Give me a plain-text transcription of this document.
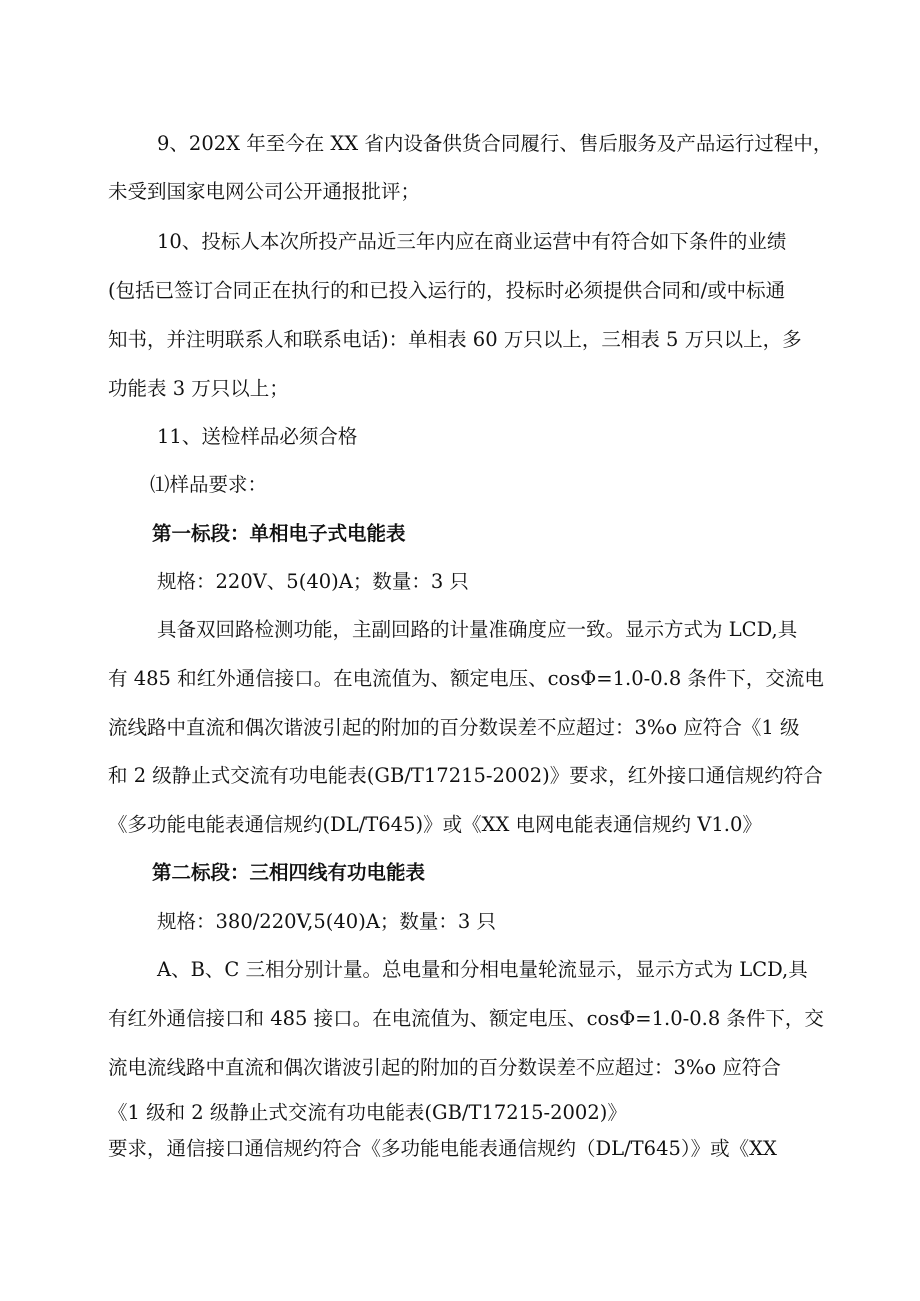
9、202X 年至今在 XX 省内设备供货合同履行、售后服务及产品运行过程中，
未受到国家电网公司公开通报批评；
10、投标人本次所投产品近三年内应在商业运营中有符合如下条件的业绩
(包括已签订合同正在执行的和已投入运行的，投标时必须提供合同和/或中标通
知书，并注明联系人和联系电话)：单相表 60 万只以上，三相表 5 万只以上，多
功能表 3 万只以上；
11、送检样品必须合格
⑴样品要求：
第一标段：单相电子式电能表
规格：220V、5(40)A；数量：3 只
具备双回路检测功能，主副回路的计量准确度应一致。显示方式为 LCD,具
有 485 和红外通信接口。在电流值为、额定电压、cosΦ=1.0-0.8 条件下，交流电
流线路中直流和偶次谐波引起的附加的百分数误差不应超过：3%o 应符合《1 级
和 2 级静止式交流有功电能表(GB/T17215-2002)》要求，红外接口通信规约符合
《多功能电能表通信规约(DL/T645)》或《XX 电网电能表通信规约 V1.0》
第二标段：三相四线有功电能表
规格：380/220V,5(40)A；数量：3 只
A、B、C 三相分别计量。总电量和分相电量轮流显示，显示方式为 LCD,具
有红外通信接口和 485 接口。在电流值为、额定电压、cosΦ=1.0-0.8 条件下，交
流电流线路中直流和偶次谐波引起的附加的百分数误差不应超过：3%o 应符合
《1 级和 2 级静止式交流有功电能表(GB/T17215-2002)》
要求，通信接口通信规约符合《多功能电能表通信规约（DL/T645）》或《XX
